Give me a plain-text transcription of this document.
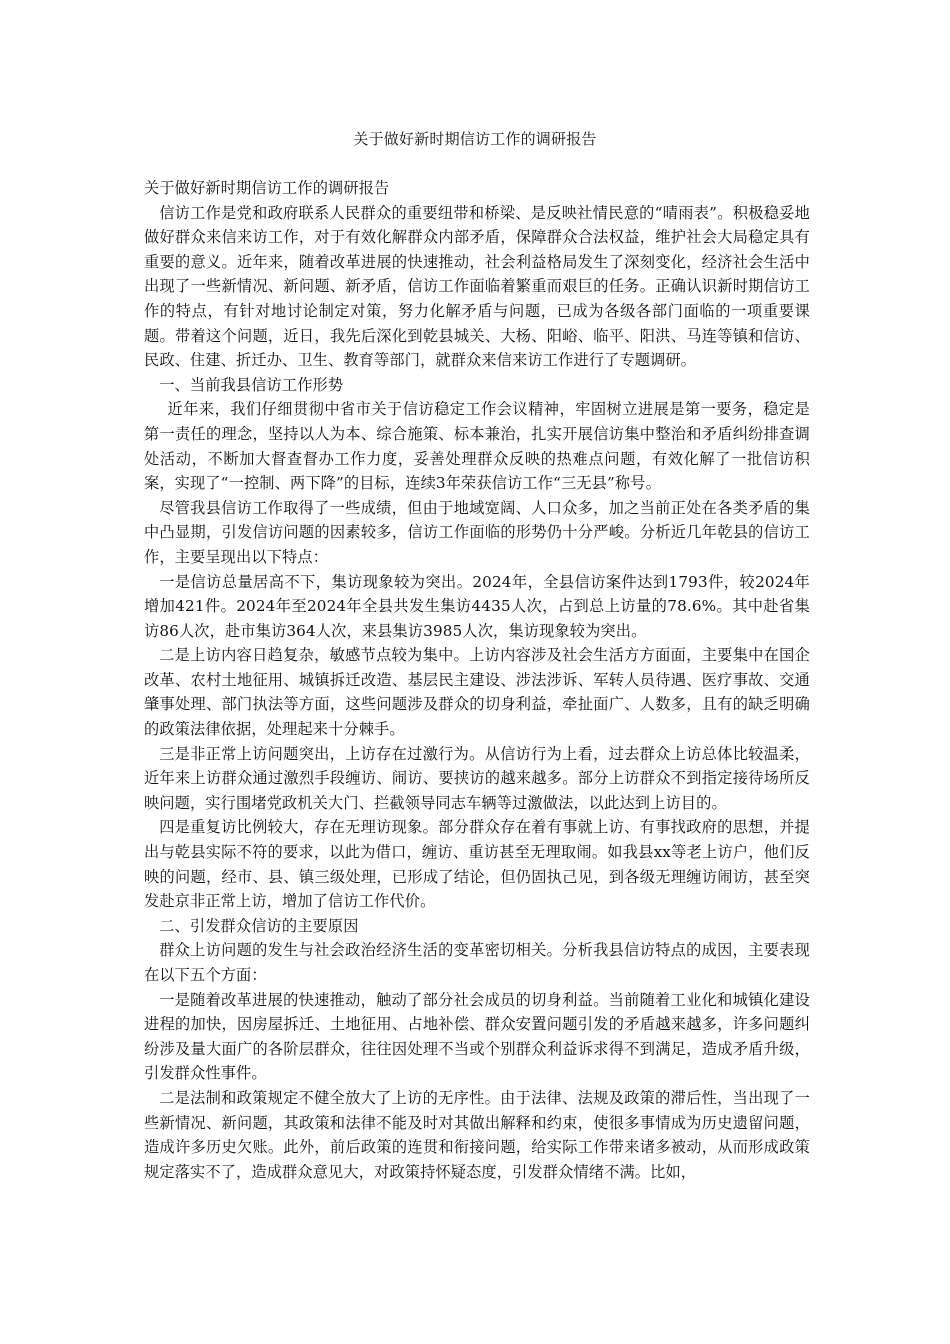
关于做好新时期信访工作的调研报告

关于做好新时期信访工作的调研报告

信访工作是党和政府联系人民群众的重要纽带和桥梁、是反映社情民意的“晴雨表”。积极稳妥地做好群众来信来访工作，对于有效化解群众内部矛盾，保障群众合法权益，维护社会大局稳定具有重要的意义。近年来，随着改革进展的快速推动，社会利益格局发生了深刻变化，经济社会生活中出现了一些新情况、新问题、新矛盾，信访工作面临着繁重而艰巨的任务。正确认识新时期信访工作的特点，有针对地讨论制定对策，努力化解矛盾与问题，已成为各级各部门面临的一项重要课题。带着这个问题，近日，我先后深化到乾县城关、大杨、阳峪、临平、阳洪、马连等镇和信访、民政、住建、折迁办、卫生、教育等部门，就群众来信来访工作进行了专题调研。

一、当前我县信访工作形势

近年来，我们仔细贯彻中省市关于信访稳定工作会议精神，牢固树立进展是第一要务，稳定是第一责任的理念，坚持以人为本、综合施策、标本兼治，扎实开展信访集中整治和矛盾纠纷排查调处活动，不断加大督查督办工作力度，妥善处理群众反映的热难点问题，有效化解了一批信访积案，实现了“一控制、两下降”的目标，连续3年荣获信访工作“三无县”称号。

尽管我县信访工作取得了一些成绩，但由于地域宽阔、人口众多，加之当前正处在各类矛盾的集中凸显期，引发信访问题的因素较多，信访工作面临的形势仍十分严峻。分析近几年乾县的信访工作，主要呈现出以下特点：

一是信访总量居高不下，集访现象较为突出。2024年，全县信访案件达到1793件，较2024年增加421件。2024年至2024年全县共发生集访4435人次，占到总上访量的78.6%。其中赴省集访86人次，赴市集访364人次，来县集访3985人次，集访现象较为突出。

二是上访内容日趋复杂，敏感节点较为集中。上访内容涉及社会生活方方面面，主要集中在国企改革、农村土地征用、城镇拆迁改造、基层民主建设、涉法涉诉、军转人员待遇、医疗事故、交通肇事处理、部门执法等方面，这些问题涉及群众的切身利益，牵扯面广、人数多，且有的缺乏明确的政策法律依据，处理起来十分棘手。

三是非正常上访问题突出，上访存在过激行为。从信访行为上看，过去群众上访总体比较温柔，近年来上访群众通过激烈手段缠访、闹访、要挟访的越来越多。部分上访群众不到指定接待场所反映问题，实行围堵党政机关大门、拦截领导同志车辆等过激做法，以此达到上访目的。

四是重复访比例较大，存在无理访现象。部分群众存在着有事就上访、有事找政府的思想，并提出与乾县实际不符的要求，以此为借口，缠访、重访甚至无理取闹。如我县xx等老上访户，他们反映的问题，经市、县、镇三级处理，已形成了结论，但仍固执己见，到各级无理缠访闹访，甚至突发赴京非正常上访，增加了信访工作代价。

二、引发群众信访的主要原因

群众上访问题的发生与社会政治经济生活的变革密切相关。分析我县信访特点的成因，主要表现在以下五个方面：

一是随着改革进展的快速推动，触动了部分社会成员的切身利益。当前随着工业化和城镇化建设进程的加快，因房屋拆迁、土地征用、占地补偿、群众安置问题引发的矛盾越来越多，许多问题纠纷涉及量大面广的各阶层群众，往往因处理不当或个别群众利益诉求得不到满足，造成矛盾升级，引发群众性事件。

二是法制和政策规定不健全放大了上访的无序性。由于法律、法规及政策的滞后性，当出现了一些新情况、新问题，其政策和法律不能及时对其做出解释和约束，使很多事情成为历史遗留问题，造成许多历史欠账。此外，前后政策的连贯和衔接问题，给实际工作带来诸多被动，从而形成政策规定落实不了，造成群众意见大，对政策持怀疑态度，引发群众情绪不满。比如，
